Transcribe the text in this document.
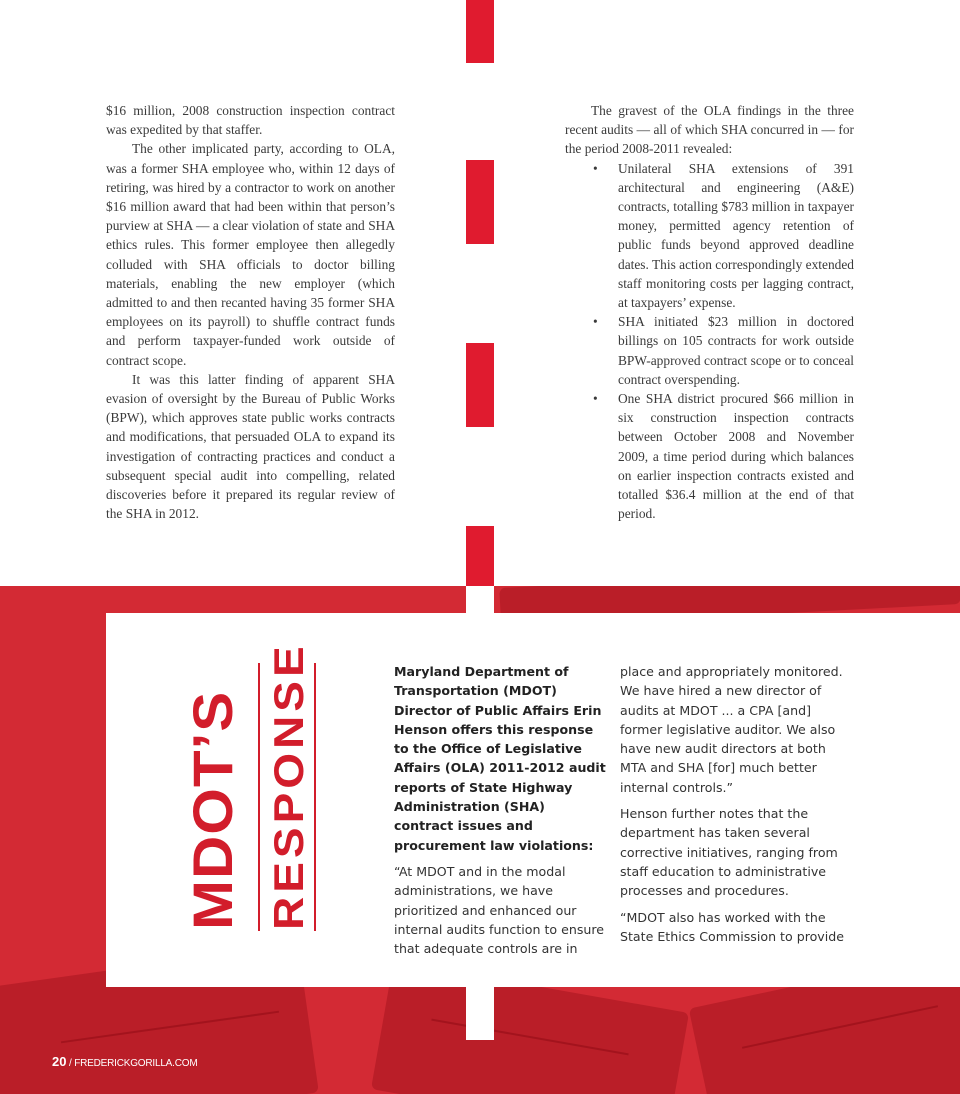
$16 million, 2008 construction inspection contract was expedited by that staffer.

The other implicated party, according to OLA, was a former SHA employee who, within 12 days of retiring, was hired by a contractor to work on another $16 million award that had been within that person’s purview at SHA — a clear violation of state and SHA ethics rules. This former employee then allegedly colluded with SHA officials to doctor billing materials, enabling the new employer (which admitted to and then recanted having 35 former SHA employees on its payroll) to shuffle contract funds and perform taxpayer-funded work outside of contract scope.

It was this latter finding of apparent SHA evasion of oversight by the Bureau of Public Works (BPW), which approves state public works contracts and modifications, that persuaded OLA to expand its investigation of contracting practices and conduct a subsequent special audit into compelling, related discoveries before it prepared its regular review of the SHA in 2012.

The gravest of the OLA findings in the three recent audits — all of which SHA concurred in — for the period 2008-2011 revealed:

• Unilateral SHA extensions of 391 architectural and engineering (A&E) contracts, totalling $783 million in taxpayer money, permitted agency retention of public funds beyond approved deadline dates. This action correspondingly extended staff monitoring costs per lagging contract, at taxpayers’ expense.
• SHA initiated $23 million in doctored billings on 105 contracts for work outside BPW-approved contract scope or to conceal contract overspending.
• One SHA district procured $66 million in six construction inspection contracts between October 2008 and November 2009, a time period during which balances on earlier inspection contracts existed and totalled $36.4 million at the end of that period.
MDOT’S RESPONSE	Maryland Department of Transportation (MDOT) Director of Public Affairs Erin Henson offers this response to the Office of Legislative Affairs (OLA) 2011-2012 audit reports of State Highway Administration (SHA) contract issues and procurement law violations:

“At MDOT and in the modal administrations, we have prioritized and enhanced our internal audits function to ensure that adequate controls are in

place and appropriately monitored. We have hired a new director of audits at MDOT ... a CPA [and] former legislative auditor. We also have new audit directors at both MTA and SHA [for] much better internal controls.”

Henson further notes that the department has taken several corrective initiatives, ranging from staff education to administrative processes and procedures.

“MDOT also has worked with the State Ethics Commission to provide

20 / FREDERICKGORILLA.COM
